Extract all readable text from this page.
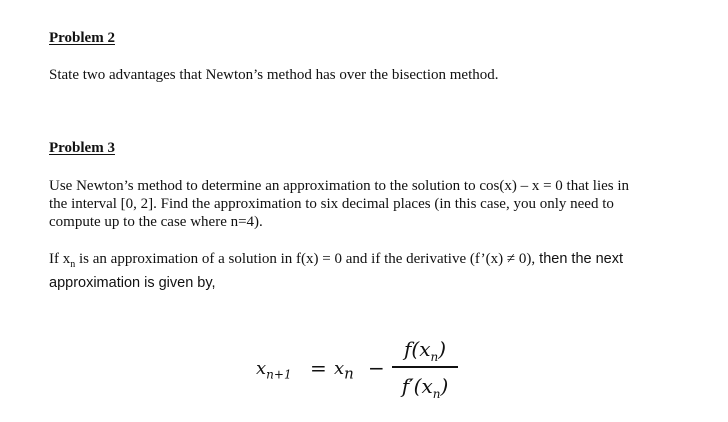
Problem 2
State two advantages that Newton’s method has over the bisection method.
Problem 3
Use Newton’s method to determine an approximation to the solution to cos(x) – x = 0 that lies in
the interval [0, 2]. Find the approximation to six decimal places (in this case, you only need to
compute up to the case where n=4).
If $x_n$ is an approximation of a solution in f(x) = 0 and if the derivative (f’(x) ≠ 0), then the next
approximation is given by,
$x_{n+1} = x_n$ −
$f(x_n)$
$f'(x_n)$
